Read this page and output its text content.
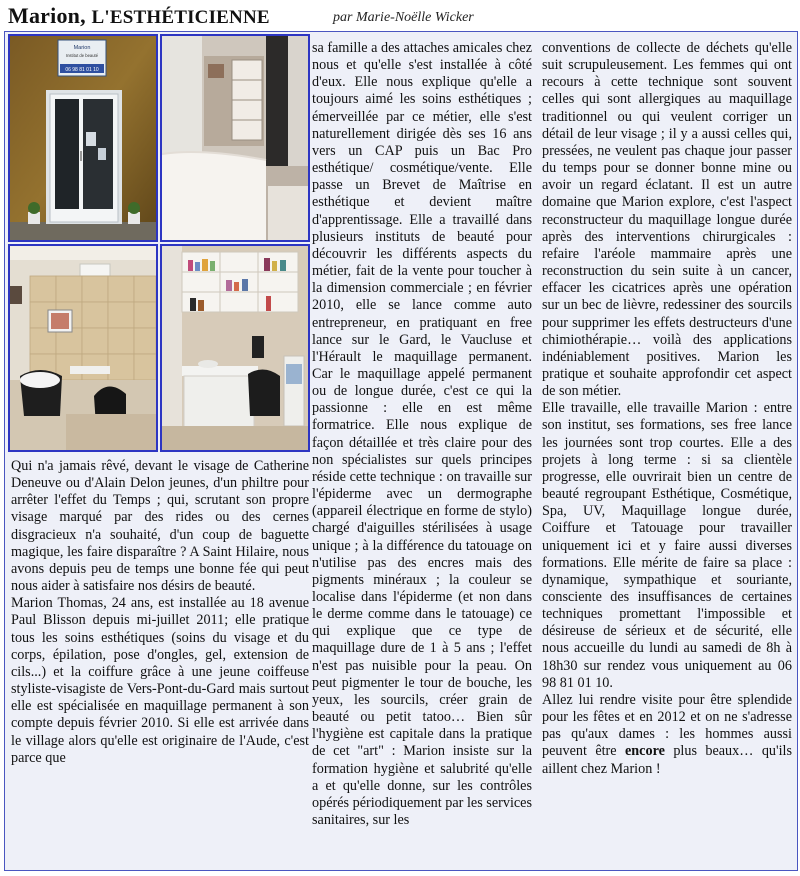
Marion, L'ESTHÉTICIENNE	par Marie-Noëlle Wicker
Marion
Institut de beauté
06 98 81 01 10

Qui n'a jamais rêvé, devant le visage de Catherine Deneuve ou d'Alain Delon jeunes, d'un philtre pour arrêter l'effet du Temps ; qui, scrutant son propre visage marqué par des rides ou des cernes disgracieux n'a souhaité, d'un coup de baguette magique, les faire disparaître ? A Saint Hilaire, nous avons depuis peu de temps une bonne fée qui peut nous aider à satisfaire nos désirs de beauté.

Marion Thomas, 24 ans, est installée au 18 avenue Paul Blisson depuis mi-juillet 2011; elle pratique tous les soins esthétiques (soins du visage et du corps, épilation, pose d'ongles, gel, extension de cils...) et la coiffure grâce à une jeune coiffeuse styliste-visagiste de Vers-Pont-du-Gard mais surtout elle est spécialisée en maquillage permanent à son compte depuis février 2010. Si elle est arrivée dans le village alors qu'elle est originaire de l'Aude, c'est parce que

sa famille a des attaches amicales chez nous et qu'elle s'est installée à côté d'eux. Elle nous explique qu'elle a toujours aimé les soins esthétiques ; émerveillée par ce métier, elle s'est naturellement dirigée dès ses 16 ans vers un CAP puis un Bac Pro esthétique/ cosmétique/vente. Elle passe un Brevet de Maîtrise en esthétique et devient maître d'apprentissage. Elle a travaillé dans plusieurs instituts de beauté pour découvrir les différents aspects du métier, fait de la vente pour toucher à la dimension commerciale ; en février 2010, elle se lance comme auto entrepreneur, en pratiquant en free lance sur le Gard, le Vaucluse et l'Hérault le maquillage permanent. Car le maquillage appelé permanent ou de longue durée, c'est ce qui la passionne : elle en est même formatrice. Elle nous explique de façon détaillée et très claire pour des non spécialistes sur quels principes réside cette technique : on travaille sur l'épiderme avec un dermographe (appareil électrique en forme de stylo) chargé d'aiguilles stérilisées à usage unique ; à la différence du tatouage on n'utilise pas des encres mais des pigments minéraux ; la couleur se localise dans l'épiderme (et non dans le derme comme dans le tatouage) ce qui explique que ce type de maquillage dure de 1 à 5 ans ; l'effet n'est pas nuisible pour la peau. On peut pigmenter le tour de bouche, les yeux, les sourcils, créer grain de beauté ou petit tatoo… Bien sûr l'hygiène est capitale dans la pratique de cet "art" : Marion insiste sur la formation hygiène et salubrité qu'elle a et qu'elle donne, sur les contrôles opérés périodiquement par les services sanitaires, sur les

conventions de collecte de déchets qu'elle suit scrupuleusement. Les femmes qui ont recours à cette technique sont souvent celles qui sont allergiques au maquillage traditionnel ou qui veulent corriger un détail de leur visage ; il y a aussi celles qui, pressées, ne veulent pas chaque jour passer du temps pour se donner bonne mine ou avoir un regard éclatant. Il est un autre domaine que Marion explore, c'est l'aspect reconstructeur du maquillage longue durée après des interventions chirurgicales : refaire l'aréole mammaire après une reconstruction du sein suite à un cancer, effacer les cicatrices après une opération sur un bec de lièvre, redessiner des sourcils pour supprimer les effets destructeurs d'une chimiothérapie… voilà des applications indéniablement positives. Marion les pratique et souhaite approfondir cet aspect de son métier.

Elle travaille, elle travaille Marion : entre son institut, ses formations, ses free lance les journées sont trop courtes. Elle a des projets à long terme : si sa clientèle progresse, elle ouvrirait bien un centre de beauté regroupant Esthétique, Cosmétique, Spa, UV, Maquillage longue durée, Coiffure et Tatouage pour travailler uniquement ici et y faire aussi diverses formations. Elle mérite de faire sa place : dynamique, sympathique et souriante, consciente des insuffisances de certaines techniques promettant l'impossible et désireuse de sérieux et de sécurité, elle nous accueille du lundi au samedi de 8h à 18h30 sur rendez vous uniquement au 06 98 81 01 10.

Allez lui rendre visite pour être splendide pour les fêtes et en 2012 et on ne s'adresse pas qu'aux dames : les hommes aussi peuvent être encore plus beaux… qu'ils aillent chez Marion !
